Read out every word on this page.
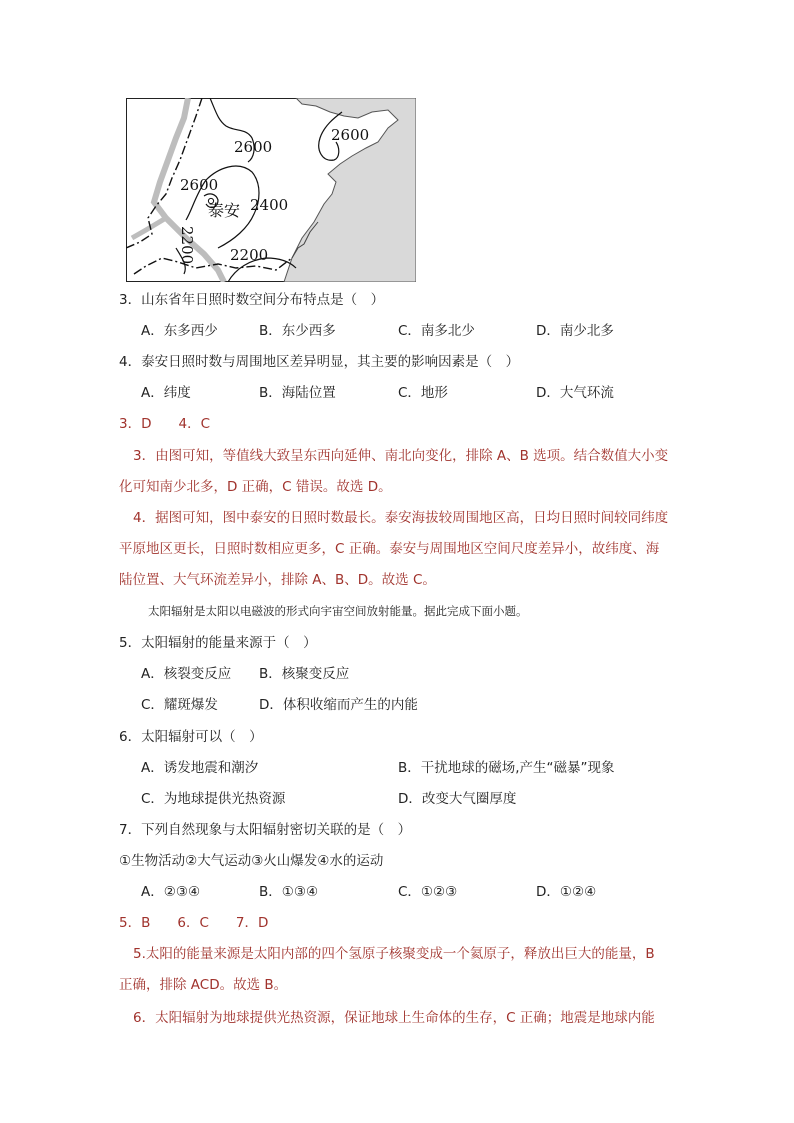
2600
2600
2600
2400
2200
2200
泰安
3．山东省年日照时数空间分布特点是（　）
A．东多西少	B．东少西多	C．南多北少	D．南少北多
4．泰安日照时数与周围地区差异明显，其主要的影响因素是（　）
A．纬度	B．海陆位置	C．地形	D．大气环流
3．D　　4．C
3．由图可知，等值线大致呈东西向延伸、南北向变化，排除 A、B 选项。结合数值大小变化可知南少北多，D 正确，C 错误。故选 D。
4．据图可知，图中泰安的日照时数最长。泰安海拔较周围地区高，日均日照时间较同纬度平原地区更长，日照时数相应更多，C 正确。泰安与周围地区空间尺度差异小，故纬度、海陆位置、大气环流差异小，排除 A、B、D。故选 C。
太阳辐射是太阳以电磁波的形式向宇宙空间放射能量。据此完成下面小题。
5．太阳辐射的能量来源于（　）
A．核裂变反应 B．核聚变反应
C．耀斑爆发	D．体积收缩而产生的内能
6．太阳辐射可以（　）
A．诱发地震和潮汐	B．干扰地球的磁场,产生“磁暴”现象
C．为地球提供光热资源	D．改变大气圈厚度
7．下列自然现象与太阳辐射密切关联的是（　）
①生物活动②大气运动③火山爆发④水的运动
A．②③④	B．①③④	C．①②③	D．①②④
5．B　　6．C　　7．D
5.太阳的能量来源是太阳内部的四个氢原子核聚变成一个氦原子，释放出巨大的能量，B 正确，排除 ACD。故选 B。
6．太阳辐射为地球提供光热资源，保证地球上生命体的生存，C 正确；地震是地球内能
